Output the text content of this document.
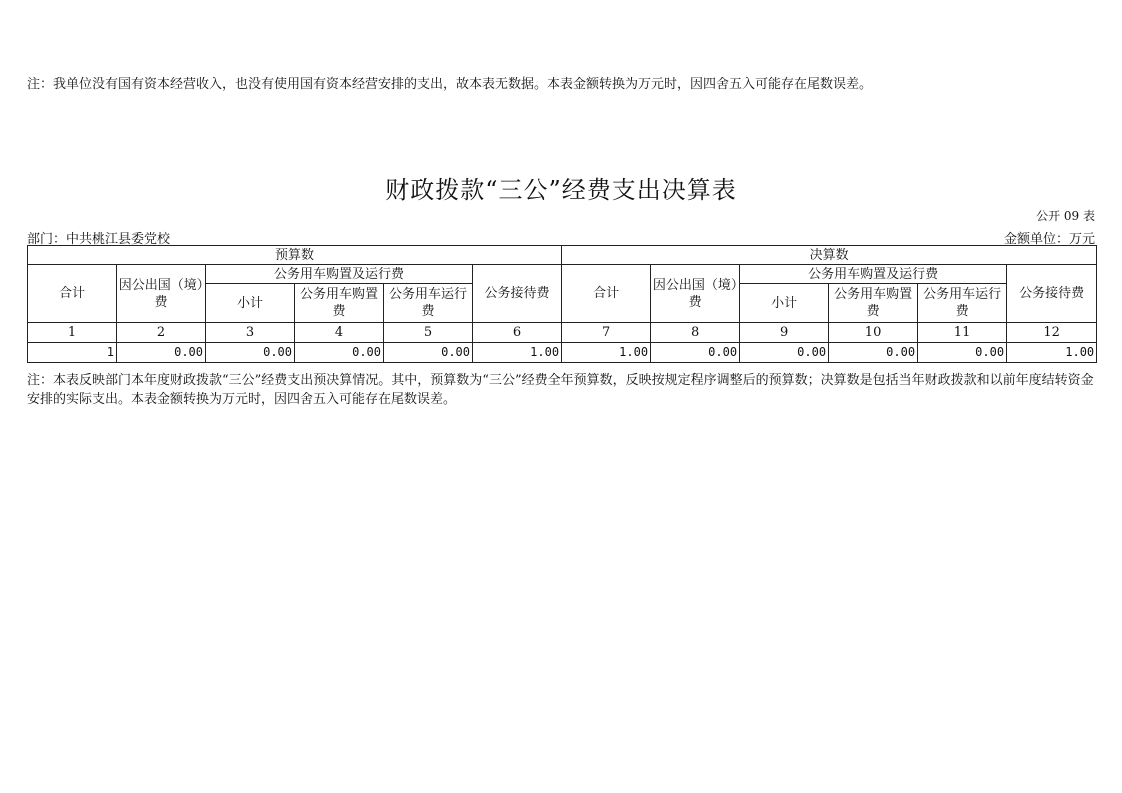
注：我单位没有国有资本经营收入，也没有使用国有资本经营安排的支出，故本表无数据。本表金额转换为万元时，因四舍五入可能存在尾数误差。
财政拨款“三公”经费支出决算表
公开 09 表
部门：中共桃江县委党校	金额单位：万元
预算数						决算数					
合计	因公出国（境）费	公务用车购置及运行费			公务接待费	合计	因公出国（境）费	公务用车购置及运行费			公务接待费
		小计	公务用车购置费	公务用车运行费				小计	公务用车购置费	公务用车运行费	
1	2	3	4	5	6	7	8	9	10	11	12
1	0.00	0.00	0.00	0.00	1.00	1.00	0.00	0.00	0.00	0.00	1.00
注：本表反映部门本年度财政拨款“三公”经费支出预决算情况。其中，预算数为“三公”经费全年预算数，反映按规定程序调整后的预算数；决算数是包括当年财政拨款和以前年度结转资金安排的实际支出。本表金额转换为万元时，因四舍五入可能存在尾数误差。
